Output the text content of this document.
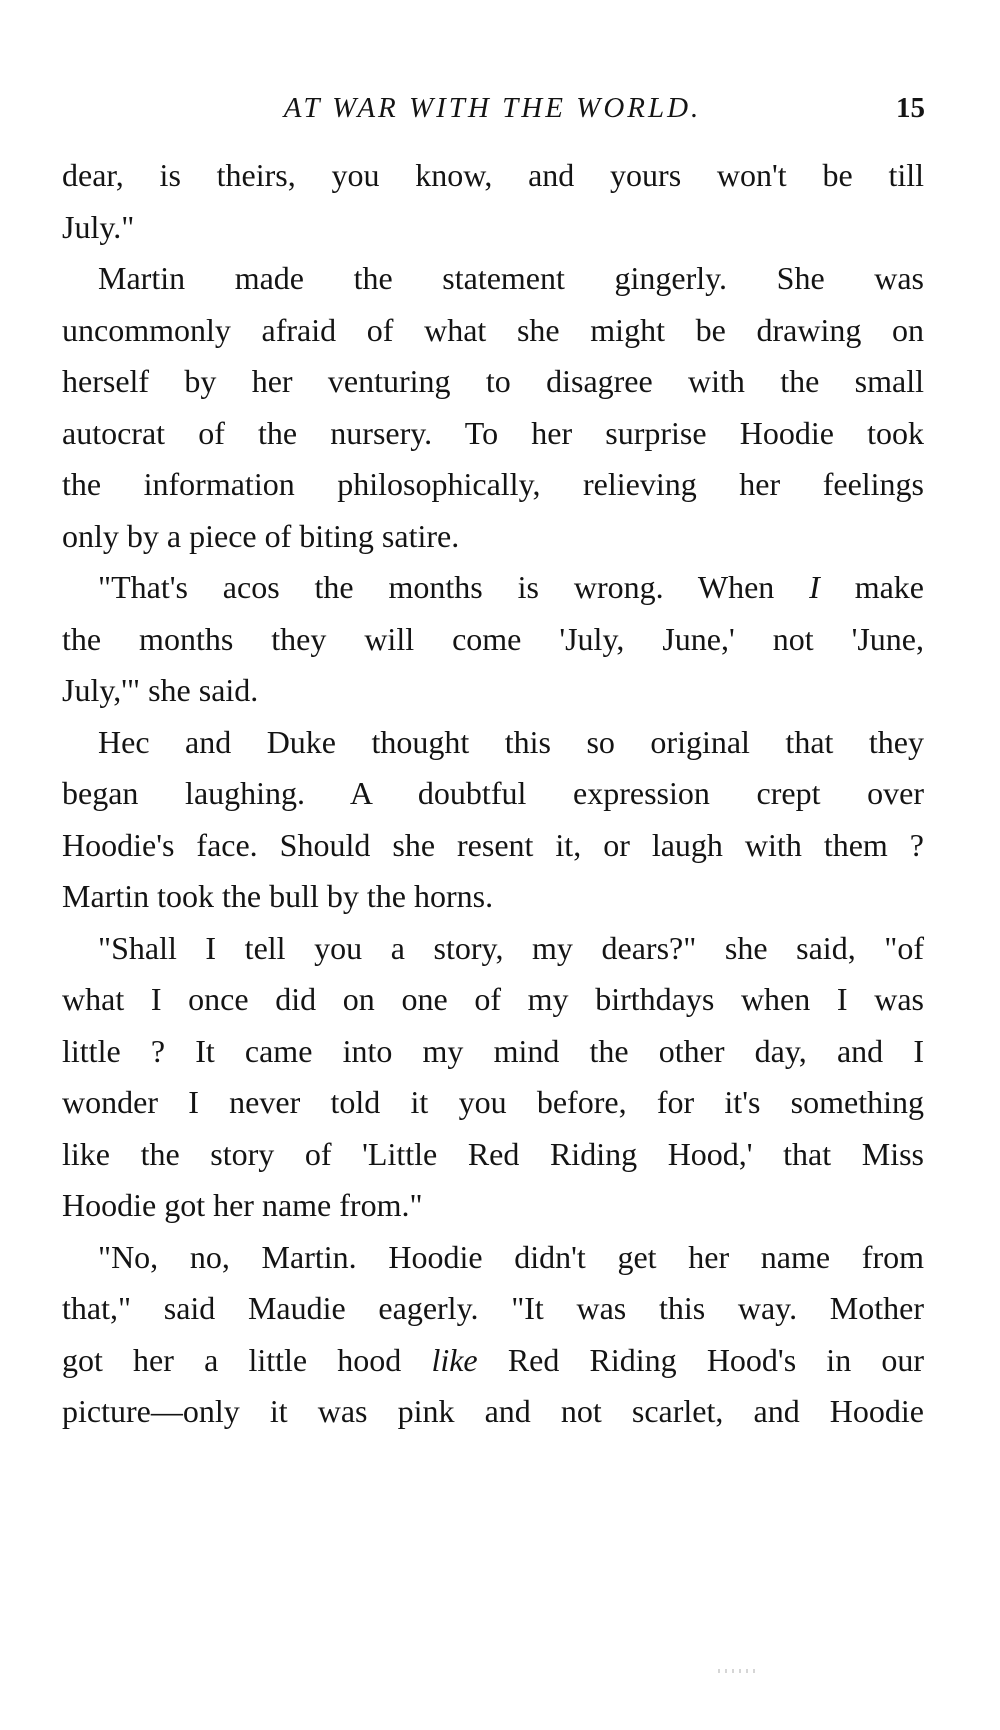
AT WAR WITH THE WORLD.	15

dear, is theirs, you know, and yours won't be till
July."

Martin made the statement gingerly. She was
uncommonly afraid of what she might be drawing on
herself by her venturing to disagree with the small
autocrat of the nursery. To her surprise Hoodie took
the information philosophically, relieving her feelings
only by a piece of biting satire.

"That's acos the months is wrong. When I make
the months they will come 'July, June,' not 'June,
July,'" she said.

Hec and Duke thought this so original that they
began laughing. A doubtful expression crept over
Hoodie's face. Should she resent it, or laugh with them ?
Martin took the bull by the horns.

"Shall I tell you a story, my dears?" she said, "of
what I once did on one of my birthdays when I was
little ? It came into my mind the other day, and I
wonder I never told it you before, for it's something
like the story of 'Little Red Riding Hood,' that Miss
Hoodie got her name from."

"No, no, Martin. Hoodie didn't get her name from
that," said Maudie eagerly. "It was this way. Mother
got her a little hood like Red Riding Hood's in our
picture—only it was pink and not scarlet, and Hoodie
